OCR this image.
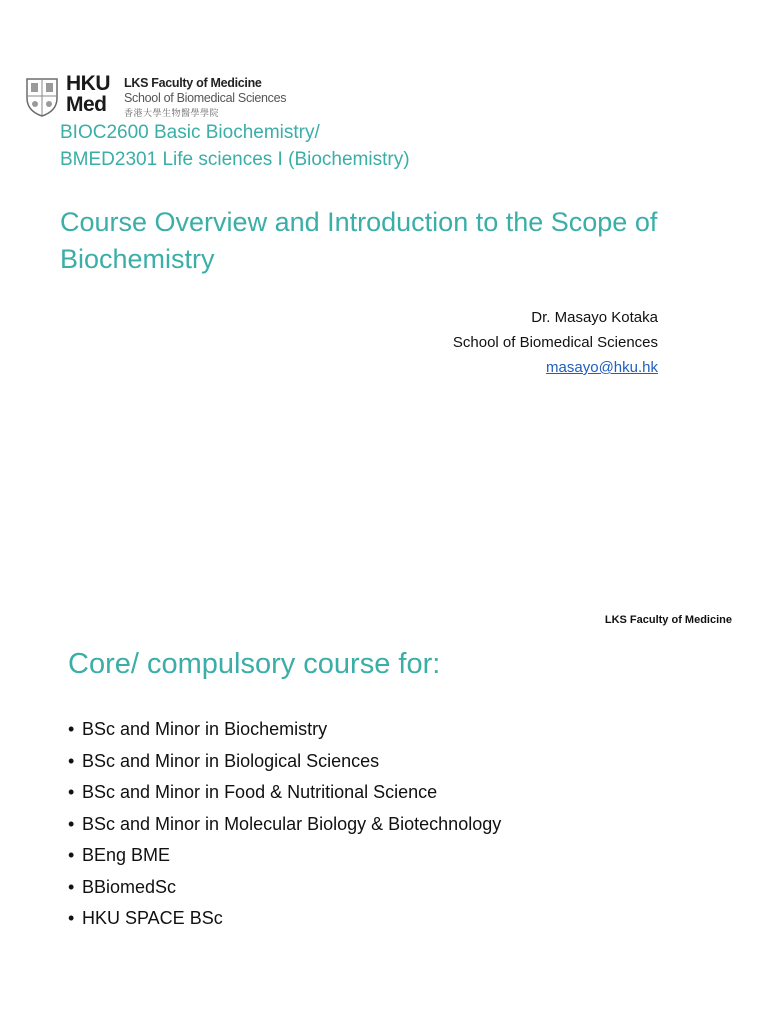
HKU
Med
LKS Faculty of Medicine
School of Biomedical Sciences
香港大學生物醫學學院
BIOC2600 Basic Biochemistry/
BMED2301 Life sciences I (Biochemistry)
Course Overview and Introduction to the Scope of Biochemistry
Dr. Masayo Kotaka
School of Biomedical Sciences
masayo@hku.hk
LKS Faculty of Medicine
Core/ compulsory course for:
• BSc and Minor in Biochemistry
• BSc and Minor in Biological Sciences
• BSc and Minor in Food & Nutritional Science
• BSc and Minor in Molecular Biology & Biotechnology
• BEng BME
• BBiomedSc
• HKU SPACE BSc
